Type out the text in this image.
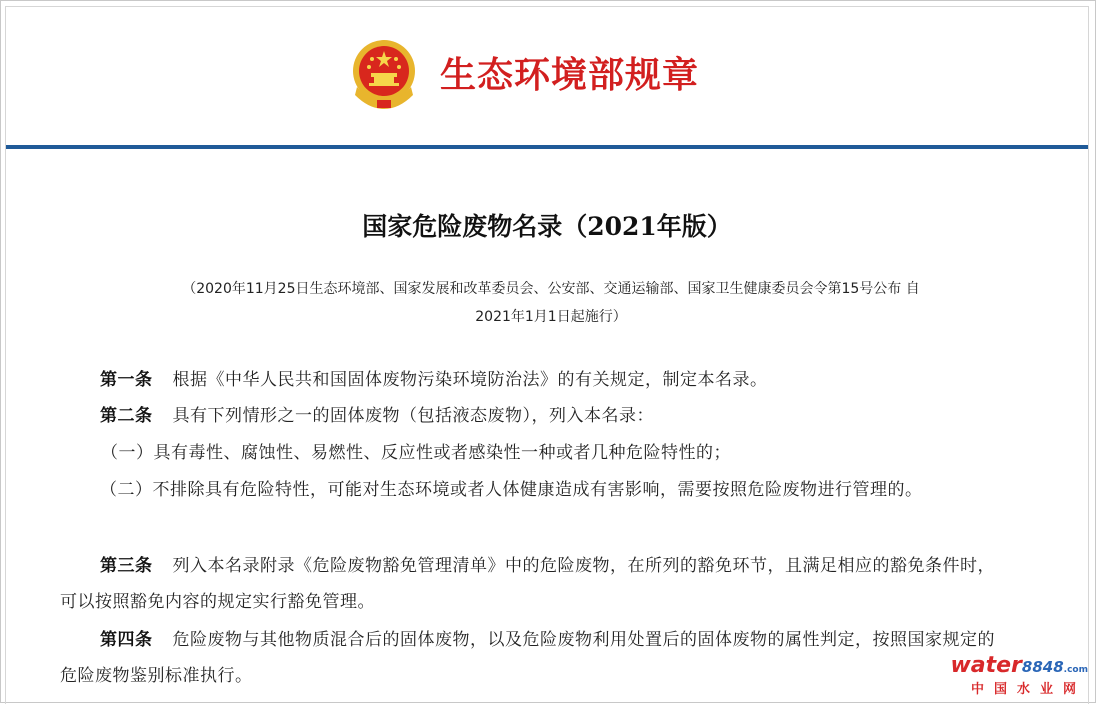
生态环境部规章
国家危险废物名录（2021年版）
（2020年11月25日生态环境部、国家发展和改革委员会、公安部、交通运输部、国家卫生健康委员会令第15号公布 自
2021年1月1日起施行）
第一条 根据《中华人民共和国固体废物污染环境防治法》的有关规定，制定本名录。
第二条 具有下列情形之一的固体废物（包括液态废物），列入本名录：
（一）具有毒性、腐蚀性、易燃性、反应性或者感染性一种或者几种危险特性的；
（二）不排除具有危险特性，可能对生态环境或者人体健康造成有害影响，需要按照危险废物进行管理的。
第三条 列入本名录附录《危险废物豁免管理清单》中的危险废物，在所列的豁免环节，且满足相应的豁免条件时，可以按照豁免内容的规定实行豁免管理。
第四条 危险废物与其他物质混合后的固体废物，以及危险废物利用处置后的固体废物的属性判定，按照国家规定的危险废物鉴别标准执行。	water8848.com
中国水业网
